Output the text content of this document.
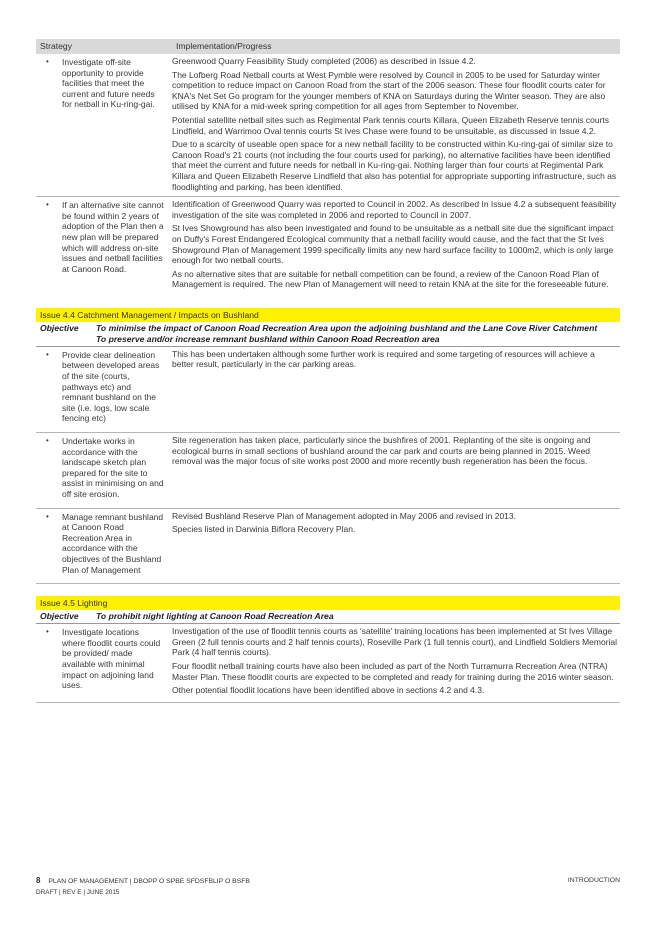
Strategy	Implementation/Progress
•	Investigate off-site opportunity to provide facilities that meet the current and future needs for netball in Ku-ring-gai.

Greenwood Quarry Feasibility Study completed (2006) as described in Issue 4.2.

The Lofberg Road Netball courts at West Pymble were resolved by Council in 2005 to be used for Saturday winter competition to reduce impact on Canoon Road from the start of the 2006 season. These four floodlit courts cater for KNA's Net Set Go program for the younger members of KNA on Saturdays during the Winter season. They are also utilised by KNA for a mid-week spring competition for all ages from September to November.

Potential satellite netball sites such as Regimental Park tennis courts Killara, Queen Elizabeth Reserve tennis courts Lindfield, and Warrimoo Oval tennis courts St Ives Chase were found to be unsuitable, as discussed in Issue 4.2.

Due to a scarcity of useable open space for a new netball facility to be constructed within Ku-ring-gai of similar size to Canoon Road's 21 courts (not including the four courts used for parking), no alternative facilities have been identified that meet the current and future needs for netball in Ku-ring-gai. Nothing larger than four courts at Regimental Park Killara and Queen Elizabeth Reserve Lindfield that also has potential for appropriate supporting infrastructure, such as floodlighting and parking, has been identified.

•	If an alternative site cannot be found within 2 years of adoption of the Plan then a new plan will be prepared which will address on-site issues and netball facilities at Canoon Road.

Identification of Greenwood Quarry was reported to Council in 2002. As described In Issue 4.2 a subsequent feasibility investigation of the site was completed in 2006 and reported to Council in 2007.

St Ives Showground has also been investigated and found to be unsuitable as a netball site due the significant impact on Duffy's Forest Endangered Ecological community that a netball facility would cause, and the fact that the St Ives Showground Plan of Management 1999 specifically limits any new hard surface facility to 1000m2, which is only large enough for two netball courts.

As no alternative sites that are suitable for netball competition can be found, a review of the Canoon Road Plan of Management is required. The new Plan of Management will need to retain KNA at the site for the foreseeable future.

Issue 4.4 Catchment Management / Impacts on Bushland
Objective	To minimise the impact of Canoon Road Recreation Area upon the adjoining bushland and the Lane Cove River Catchment
To preserve and/or increase remnant bushland within Canoon Road Recreation area
•	Provide clear delineation between developed areas of the site (courts, pathways etc) and remnant bushland on the site (i.e. logs, low scale fencing etc)

This has been undertaken although some further work is required and some targeting of resources will achieve a better result, particularly in the car parking areas.

•	Undertake works in accordance with the landscape sketch plan prepared for the site to assist in minimising on and off site erosion.

Site regeneration has taken place, particularly since the bushfires of 2001. Replanting of the site is ongoing and ecological burns in small sections of bushland around the car park and courts are being planned in 2015. Weed removal was the major focus of site works post 2000 and more recently bush regeneration has been the focus.

•	Manage remnant bushland at Canoon Road Recreation Area in accordance with the objectives of the Bushland Plan of Management

Revised Bushland Reserve Plan of Management adopted in May 2006 and revised in 2013.

Species listed in Darwinia Biflora Recovery Plan.

Issue 4.5 Lighting
Objective	To prohibit night lighting at Canoon Road Recreation Area
•	Investigate locations where floodlit courts could be provided/ made available with minimal impact on adjoining land uses.

Investigation of the use of floodlit tennis courts as 'satellite' training locations has been implemented at St Ives Village Green (2 full tennis courts and 2 half tennis courts), Roseville Park (1 full tennis court), and Lindfield Soldiers Memorial Park (4 half tennis courts).

Four floodlit netball training courts have also been included as part of the North Turramurra Recreation Area (NTRA) Master Plan. These floodlit courts are expected to be completed and ready for training during the 2016 winter season.

Other potential floodlit locations have been identified above in sections 4.2 and 4.3.

8 PLAN OF MANAGEMENT | DBOPP O SPBE SFDSFBLIP O BSFB	INTRODUCTION
DRAFT | REV E | JUNE 2015
